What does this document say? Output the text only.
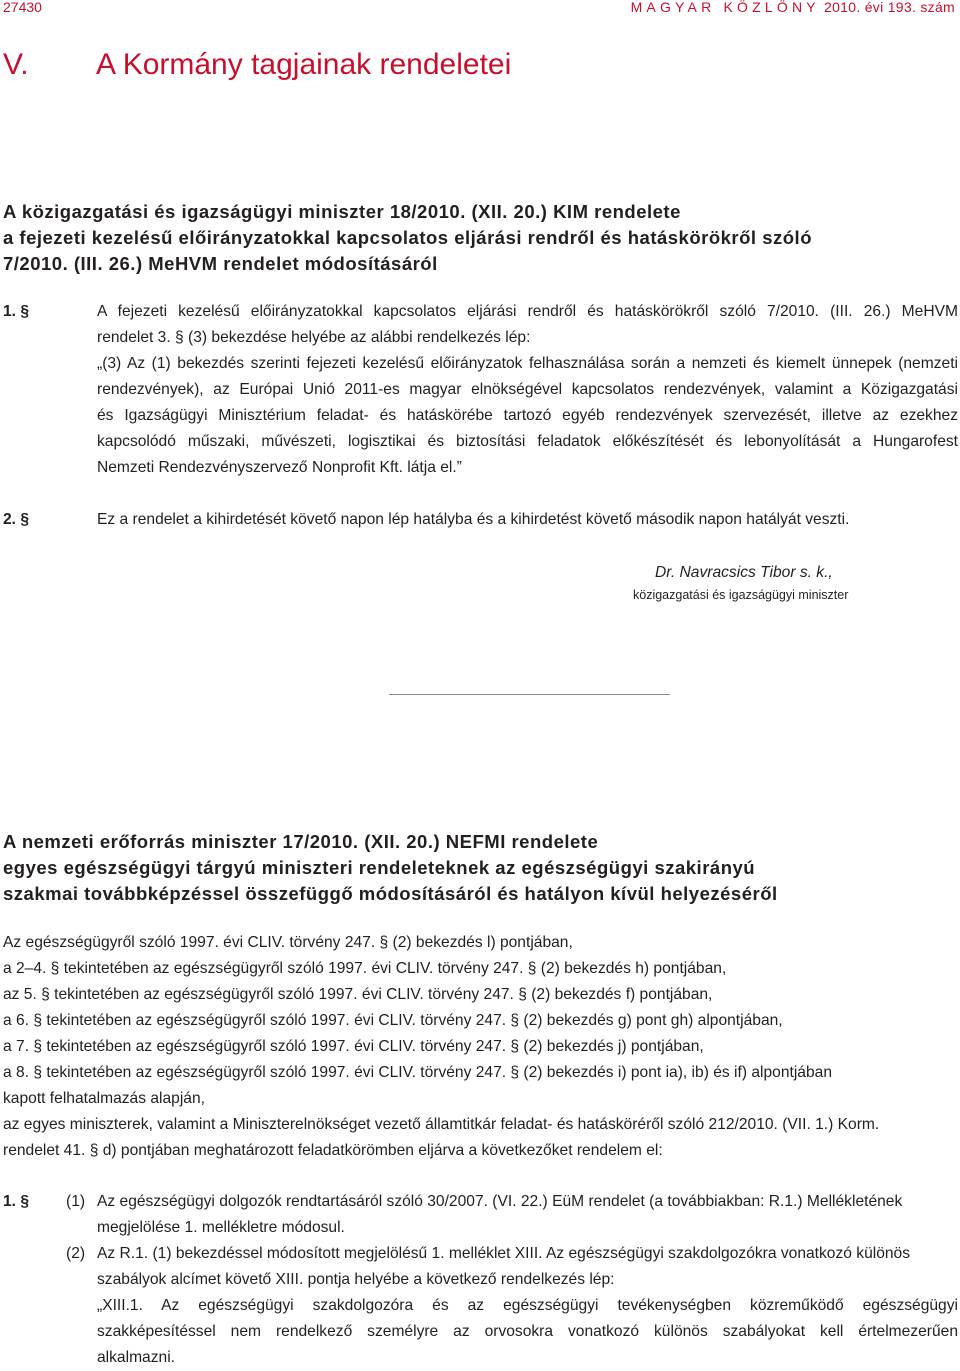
27430	MAGYAR KÖZLÖNY 2010. évi 193. szám
V. A Kormány tagjainak rendeletei
A közigazgatási és igazságügyi miniszter 18/2010. (XII. 20.) KIM rendelete
a fejezeti kezelésű előirányzatokkal kapcsolatos eljárási rendről és hatáskörökről szóló
7/2010. (III. 26.) MeHVM rendelet módosításáról
1. §	A fejezeti kezelésű előirányzatokkal kapcsolatos eljárási rendről és hatáskörökről szóló 7/2010. (III. 26.) MeHVM
rendelet 3. § (3) bekezdése helyébe az alábbi rendelkezés lép:
„(3) Az (1) bekezdés szerinti fejezeti kezelésű előirányzatok felhasználása során a nemzeti és kiemelt ünnepek (nemzeti
rendezvények), az Európai Unió 2011-es magyar elnökségével kapcsolatos rendezvények, valamint a Közigazgatási
és Igazságügyi Minisztérium feladat- és hatáskörébe tartozó egyéb rendezvények szervezését, illetve az ezekhez
kapcsolódó műszaki, művészeti, logisztikai és biztosítási feladatok előkészítését és lebonyolítását a Hungarofest
Nemzeti Rendezvényszervező Nonprofit Kft. látja el.”
2. §	Ez a rendelet a kihirdetését követő napon lép hatályba és a kihirdetést követő második napon hatályát veszti.
Dr. Navracsics Tibor s. k.,
közigazgatási és igazságügyi miniszter
A nemzeti erőforrás miniszter 17/2010. (XII. 20.) NEFMI rendelete
egyes egészségügyi tárgyú miniszteri rendeleteknek az egészségügyi szakirányú
szakmai továbbképzéssel összefüggő módosításáról és hatályon kívül helyezéséről
Az egészségügyről szóló 1997. évi CLIV. törvény 247. § (2) bekezdés l) pontjában,
a 2–4. § tekintetében az egészségügyről szóló 1997. évi CLIV. törvény 247. § (2) bekezdés h) pontjában,
az 5. § tekintetében az egészségügyről szóló 1997. évi CLIV. törvény 247. § (2) bekezdés f) pontjában,
a 6. § tekintetében az egészségügyről szóló 1997. évi CLIV. törvény 247. § (2) bekezdés g) pont gh) alpontjában,
a 7. § tekintetében az egészségügyről szóló 1997. évi CLIV. törvény 247. § (2) bekezdés j) pontjában,
a 8. § tekintetében az egészségügyről szóló 1997. évi CLIV. törvény 247. § (2) bekezdés i) pont ia), ib) és if) alpontjában
kapott felhatalmazás alapján,
az egyes miniszterek, valamint a Miniszterelnökséget vezető államtitkár feladat- és hatásköréről szóló 212/2010. (VII. 1.) Korm.
rendelet 41. § d) pontjában meghatározott feladatkörömben eljárva a következőket rendelem el:
1. § (1) Az egészségügyi dolgozók rendtartásáról szóló 30/2007. (VI. 22.) EüM rendelet (a továbbiakban: R.1.) Mellékletének
megjelölése 1. mellékletre módosul.
(2) Az R.1. (1) bekezdéssel módosított megjelölésű 1. melléklet XIII. Az egészségügyi szakdolgozókra vonatkozó különös
szabályok alcímet követő XIII. pontja helyébe a következő rendelkezés lép:
„XIII.1. Az egészségügyi szakdolgozóra és az egészségügyi tevékenységben közreműködő egészségügyi
szakképesítéssel nem rendelkező személyre az orvosokra vonatkozó különös szabályokat kell értelmezerűen
alkalmazni.
